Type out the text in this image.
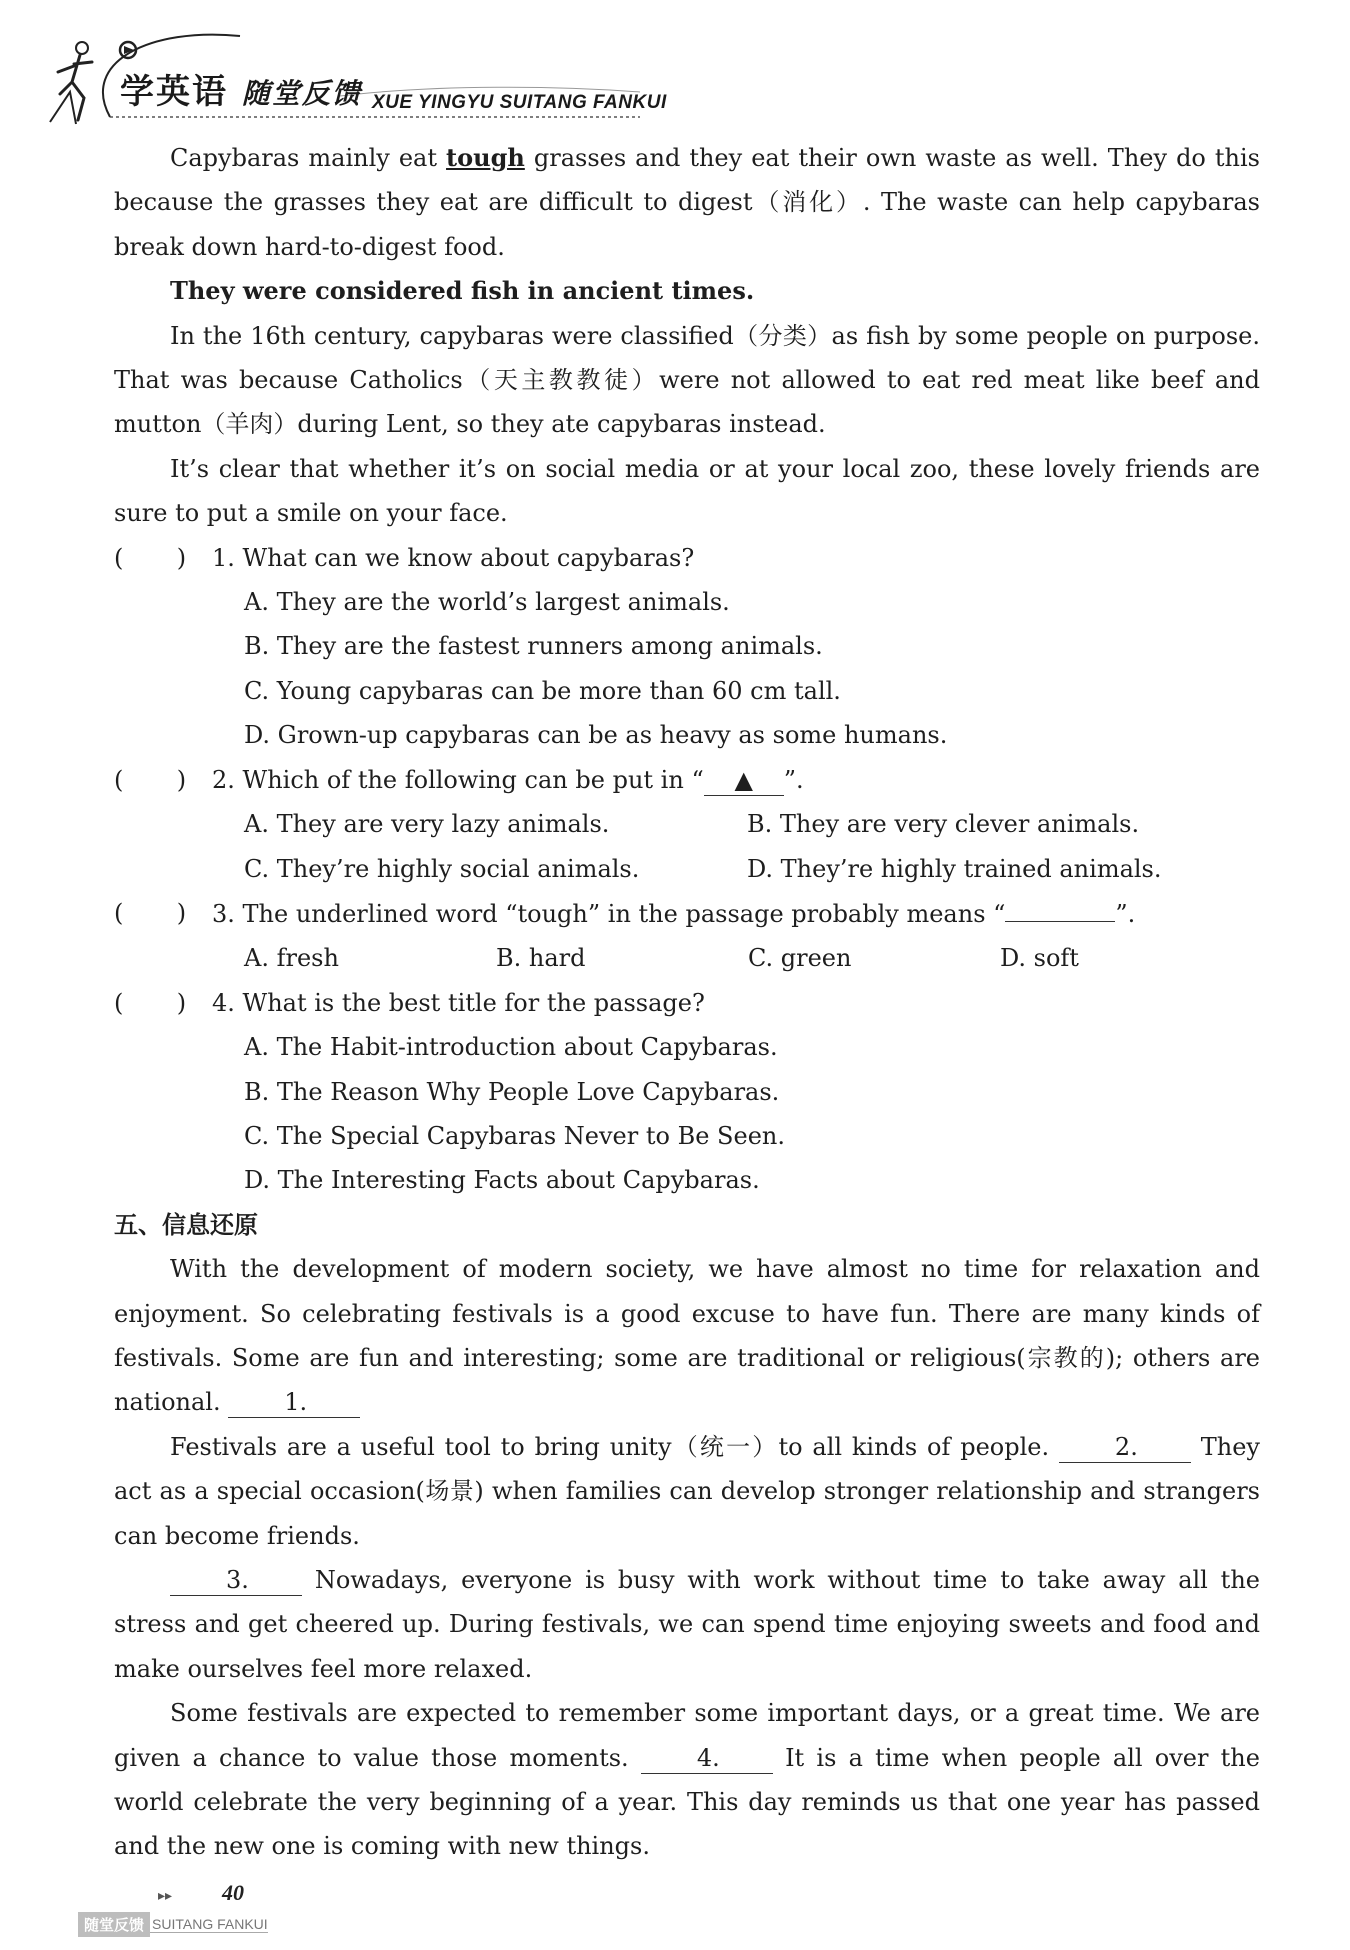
学英语 随堂反馈 XUE YINGYU SUITANG FANKUI

Capybaras mainly eat tough grasses and they eat their own waste as well. They do this because the grasses they eat are difficult to digest（消化）. The waste can help capybaras break down hard-to-digest food.

They were considered fish in ancient times.

In the 16th century, capybaras were classified（分类）as fish by some people on purpose. That was because Catholics（天主教教徒）were not allowed to eat red meat like beef and mutton（羊肉）during Lent, so they ate capybaras instead.

It’s clear that whether it’s on social media or at your local zoo, these lovely friends are sure to put a smile on your face.

(       )	1. What can we know about capybaras?
A. They are the world’s largest animals.
B. They are the fastest runners among animals.
C. Young capybaras can be more than 60 cm tall.
D. Grown-up capybaras can be as heavy as some humans.
(       )	2. Which of the following can be put in “ ▲ ”.
A. They are very lazy animals.	B. They are very clever animals.
C. They’re highly social animals.	D. They’re highly trained animals.
(       )	3. The underlined word “tough” in the passage probably means “	”.
A. fresh	B. hard	C. green	D. soft
(       )	4. What is the best title for the passage?
A. The Habit-introduction about Capybaras.
B. The Reason Why People Love Capybaras.
C. The Special Capybaras Never to Be Seen.
D. The Interesting Facts about Capybaras.
五、信息还原

With the development of modern society, we have almost no time for relaxation and enjoyment. So celebrating festivals is a good excuse to have fun. There are many kinds of festivals. Some are fun and interesting; some are traditional or religious(宗教的); others are national.	1.

Festivals are a useful tool to bring unity（统一）to all kinds of people.	2.	They act as a special occasion(场景) when families can develop stronger relationship and strangers can become friends.

3.	Nowadays, everyone is busy with work without time to take away all the stress and get cheered up. During festivals, we can spend time enjoying sweets and food and make ourselves feel more relaxed.

Some festivals are expected to remember some important days, or a great time. We are given a chance to value those moments.	4.	It is a time when people all over the world celebrate the very beginning of a year. This day reminds us that one year has passed and the new one is coming with new things.

▸▸ 40
随堂反馈 SUITANG FANKUI
